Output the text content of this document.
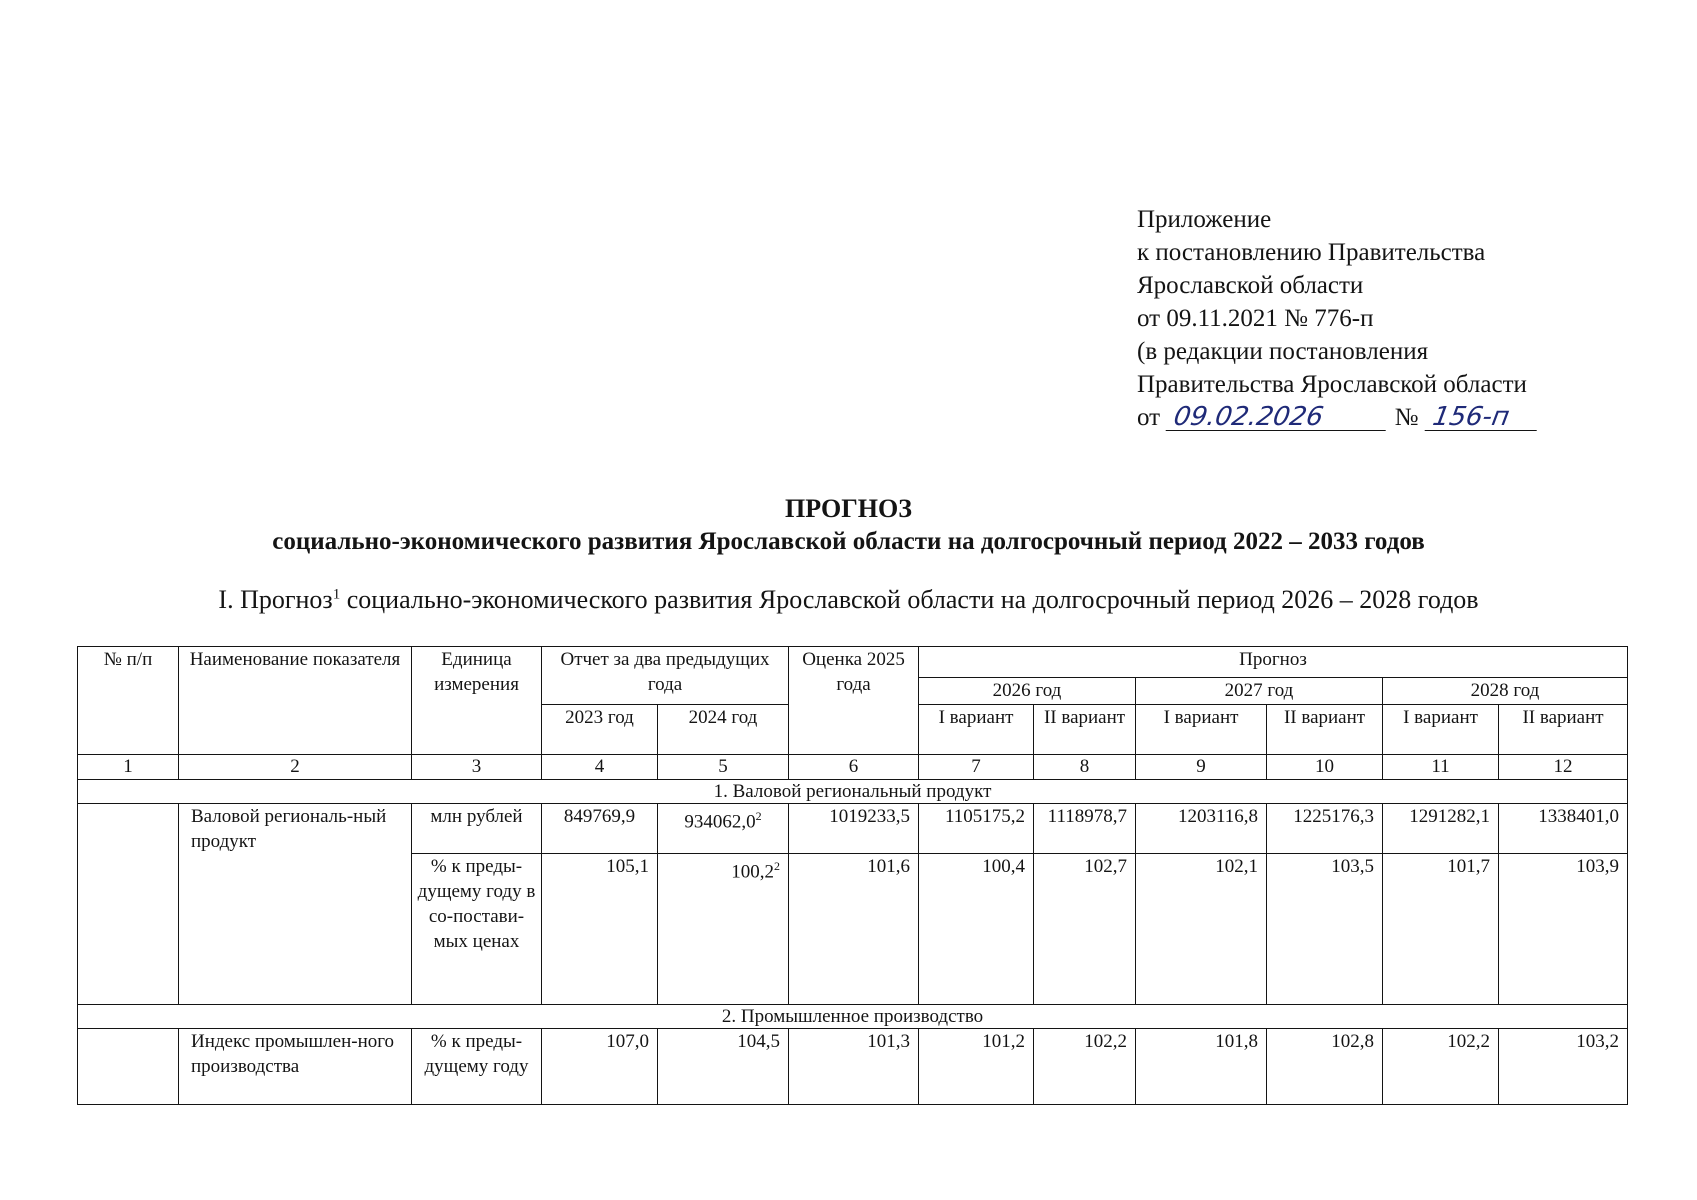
Приложение
к постановлению Правительства
Ярославской области
от 09.11.2021 № 776-п
(в редакции постановления
Правительства Ярославской области
от 09.02.2026	№ 156-п
ПРОГНОЗ
социально-экономического развития Ярославской области на долгосрочный период 2022 – 2033 годов
I. Прогноз$^1$ социально-экономического развития Ярославской области на долгосрочный период 2026 – 2028 годов
№ п/п	Наименование показателя	Единица измерения	Отчет за два предыдущих года		Оценка 2025 года	Прогноз					
						2026 год		2027 год		2028 год	
			2023 год	2024 год		I вариант	II вариант	I вариант	II вариант	I вариант	II вариант
1	2	3	4	5	6	7	8	9	10	11	12
1. Валовой региональный продукт											
	Валовой региональ-ный продукт	млн рублей	849769,9	934062,0$^2$	1019233,5	1105175,2	1118978,7	1203116,8	1225176,3	1291282,1	1338401,0
		% к преды-дущему году в со-постави-мых ценах	105,1	100,2$^2$	101,6	100,4	102,7	102,1	103,5	101,7	103,9
2. Промышленное производство											
	Индекс промышлен-ного производства	% к преды-дущему году	107,0	104,5	101,3	101,2	102,2	101,8	102,8	102,2	103,2
